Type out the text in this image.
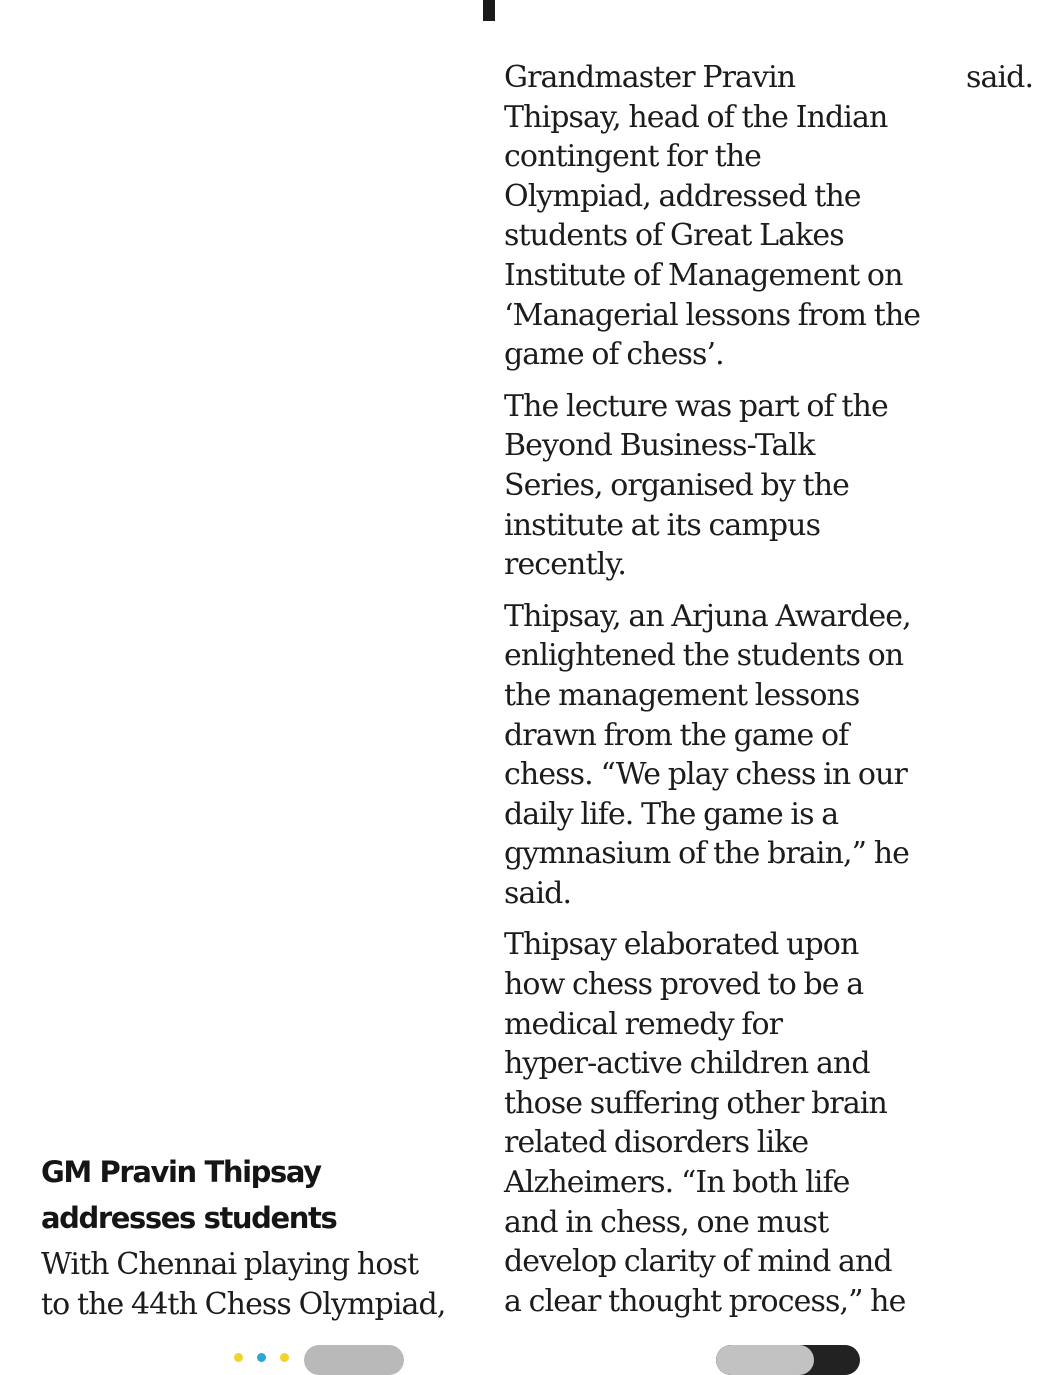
Grandmaster Pravin
Thipsay, head of the Indian
contingent for the
Olympiad, addressed the
students of Great Lakes
Institute of Management on
‘Managerial lessons from the
game of chess’.

The lecture was part of the
Beyond Business-Talk
Series, organised by the
institute at its campus
recently.

Thipsay, an Arjuna Awardee,
enlightened the students on
the management lessons
drawn from the game of
chess. “We play chess in our
daily life. The game is a
gymnasium of the brain,” he
said.

Thipsay elaborated upon
how chess proved to be a
medical remedy for
hyper-active children and
those suffering other brain
related disorders like
Alzheimers. “In both life
and in chess, one must
develop clarity of mind and
a clear thought process,” he

said.
GM Pravin Thipsay
addresses students
With Chennai playing host
to the 44th Chess Olympiad,
